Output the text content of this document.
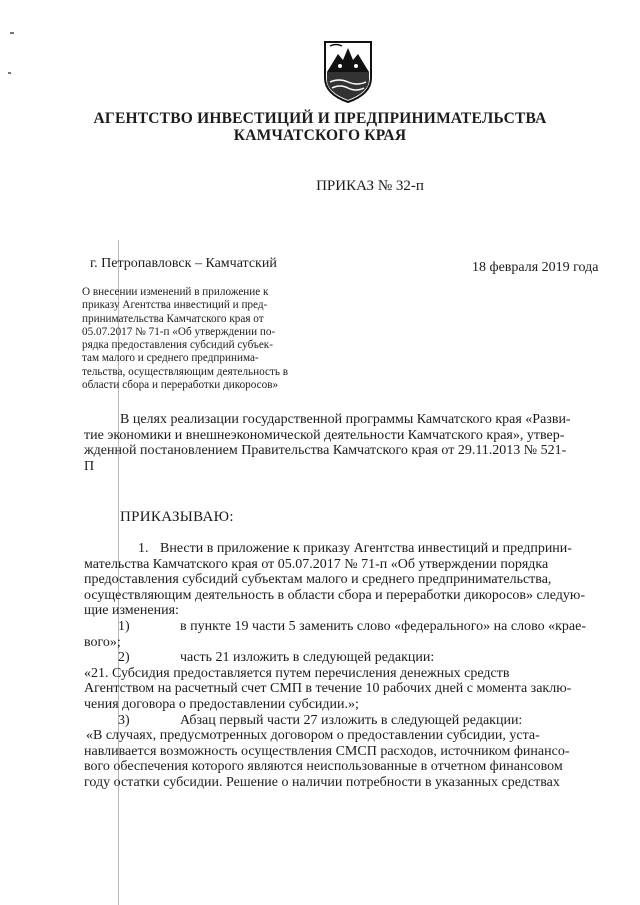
АГЕНТСТВО ИНВЕСТИЦИЙ И ПРЕДПРИНИМАТЕЛЬСТВА
КАМЧАТСКОГО КРАЯ
ПРИКАЗ № 32-п
г. Петропавловск – Камчатский	18 февраля 2019 года
О внесении изменений в приложение к
приказу Агентства инвестиций и пред-
принимательства Камчатского края от
05.07.2017 № 71-п «Об утверждении по-
рядка предоставления субсидий субъек-
там малого и среднего предпринима-
тельства, осуществляющим деятельность в
области сбора и переработки дикоросов»
В целях реализации государственной программы Камчатского края «Разви-
тие экономики и внешнеэкономической деятельности Камчатского края», утвер-
жденной постановлением Правительства Камчатского края от 29.11.2013 № 521-
П
ПРИКАЗЫВАЮ:
1. Внести в приложение к приказу Агентства инвестиций и предприни-
мательства Камчатского края от 05.07.2017 № 71-п «Об утверждении порядка
предоставления субсидий субъектам малого и среднего предпринимательства,
осуществляющим деятельность в области сбора и переработки дикоросов» следую-
щие изменения:
1)	в пункте 19 части 5 заменить слово «федерального» на слово «крае-
вого»;
2)	часть 21 изложить в следующей редакции:
«21. Субсидия предоставляется путем перечисления денежных средств
Агентством на расчетный счет СМП в течение 10 рабочих дней с момента заклю-
чения договора о предоставлении субсидии.»;
3)	Абзац первый части 27 изложить в следующей редакции:
«В случаях, предусмотренных договором о предоставлении субсидии, уста-
навливается возможность осуществления СМСП расходов, источником финансо-
вого обеспечения которого являются неиспользованные в отчетном финансовом
году остатки субсидии. Решение о наличии потребности в указанных средствах
